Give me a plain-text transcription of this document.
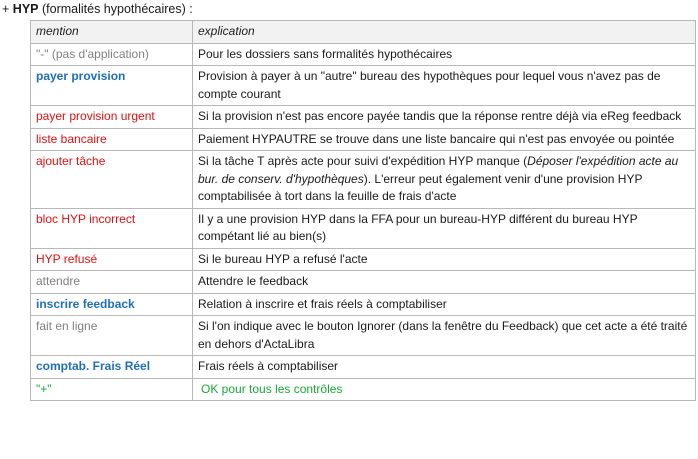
+ HYP (formalités hypothécaires) :
mention	explication
"-" (pas d'application)	Pour les dossiers sans formalités hypothécaires
payer provision	Provision à payer à un "autre" bureau des hypothèques pour lequel vous n'avez pas de compte courant
payer provision urgent	Si la provision n'est pas encore payée tandis que la réponse rentre déjà via eReg feedback
liste bancaire	Paiement HYPAUTRE se trouve dans une liste bancaire qui n'est pas envoyée ou pointée
ajouter tâche	Si la tâche T après acte pour suivi d'expédition HYP manque (Déposer l'expédition acte au bur. de conserv. d'hypothèques). L'erreur peut également venir d'une provision HYP comptabilisée à tort dans la feuille de frais d'acte
bloc HYP incorrect	Il y a une provision HYP dans la FFA pour un bureau-HYP différent du bureau HYP compétant lié au bien(s)
HYP refusé	Si le bureau HYP a refusé l'acte
attendre	Attendre le feedback
inscrire feedback	Relation à inscrire et frais réels à comptabiliser
fait en ligne	Si l'on indique avec le bouton Ignorer (dans la fenêtre du Feedback) que cet acte a été traité en dehors d'ActaLibra
comptab. Frais Réel	Frais réels à comptabiliser
"+"	OK pour tous les contrôles
